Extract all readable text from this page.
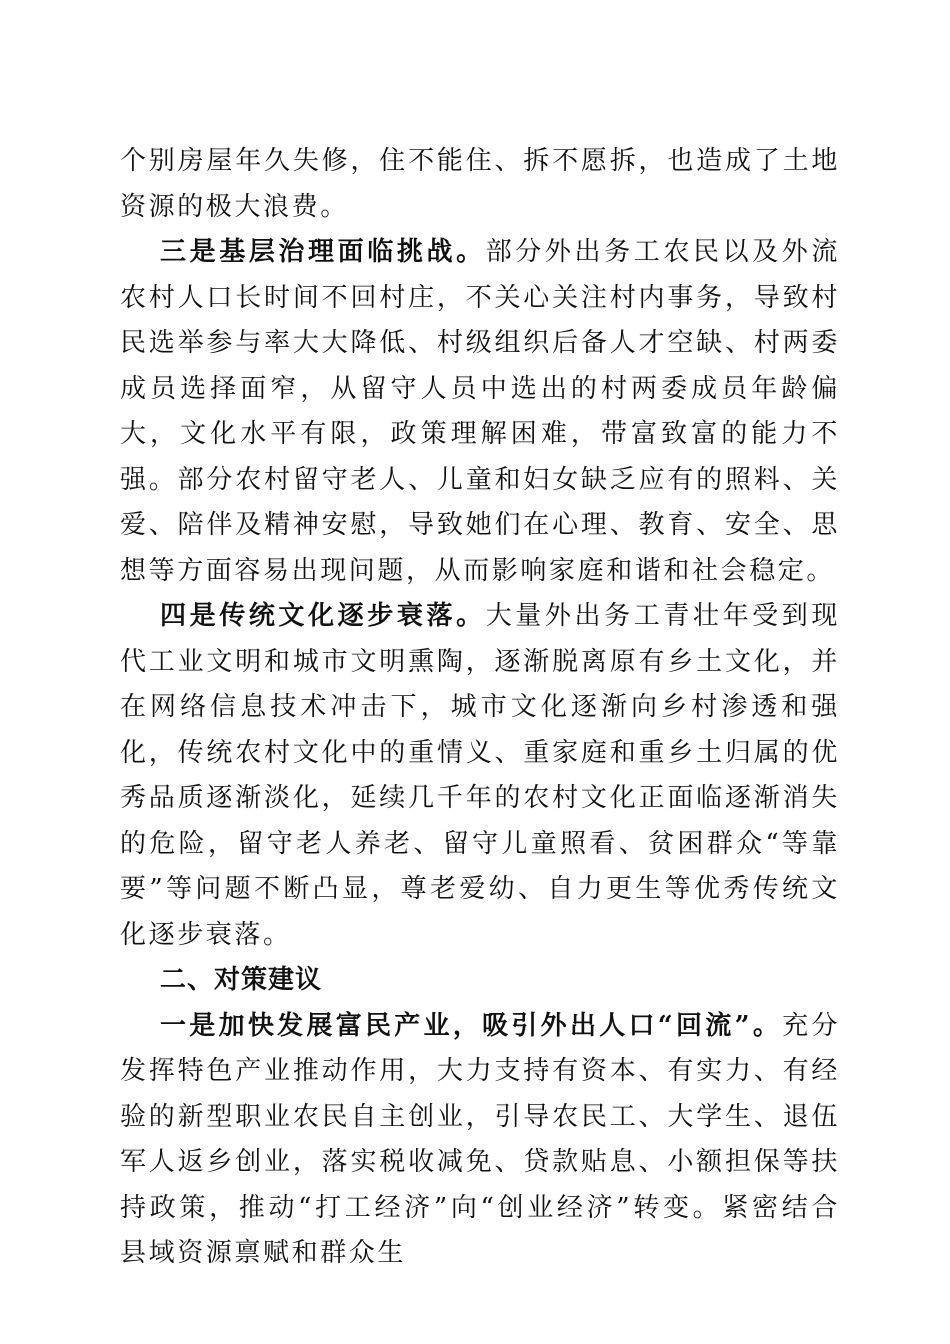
个别房屋年久失修，住不能住、拆不愿拆，也造成了土地资源的极大浪费。

三是基层治理面临挑战。部分外出务工农民以及外流农村人口长时间不回村庄，不关心关注村内事务，导致村民选举参与率大大降低、村级组织后备人才空缺、村两委成员选择面窄，从留守人员中选出的村两委成员年龄偏大，文化水平有限，政策理解困难，带富致富的能力不强。部分农村留守老人、儿童和妇女缺乏应有的照料、关爱、陪伴及精神安慰，导致她们在心理、教育、安全、思想等方面容易出现问题，从而影响家庭和谐和社会稳定。

四是传统文化逐步衰落。大量外出务工青壮年受到现代工业文明和城市文明熏陶，逐渐脱离原有乡土文化，并在网络信息技术冲击下，城市文化逐渐向乡村渗透和强化，传统农村文化中的重情义、重家庭和重乡土归属的优秀品质逐渐淡化，延续几千年的农村文化正面临逐渐消失的危险，留守老人养老、留守儿童照看、贫困群众“等靠要”等问题不断凸显，尊老爱幼、自力更生等优秀传统文化逐步衰落。

二、对策建议

一是加快发展富民产业，吸引外出人口“回流”。充分发挥特色产业推动作用，大力支持有资本、有实力、有经验的新型职业农民自主创业，引导农民工、大学生、退伍军人返乡创业，落实税收减免、贷款贴息、小额担保等扶持政策，推动“打工经济”向“创业经济”转变。紧密结合县域资源禀赋和群众生
